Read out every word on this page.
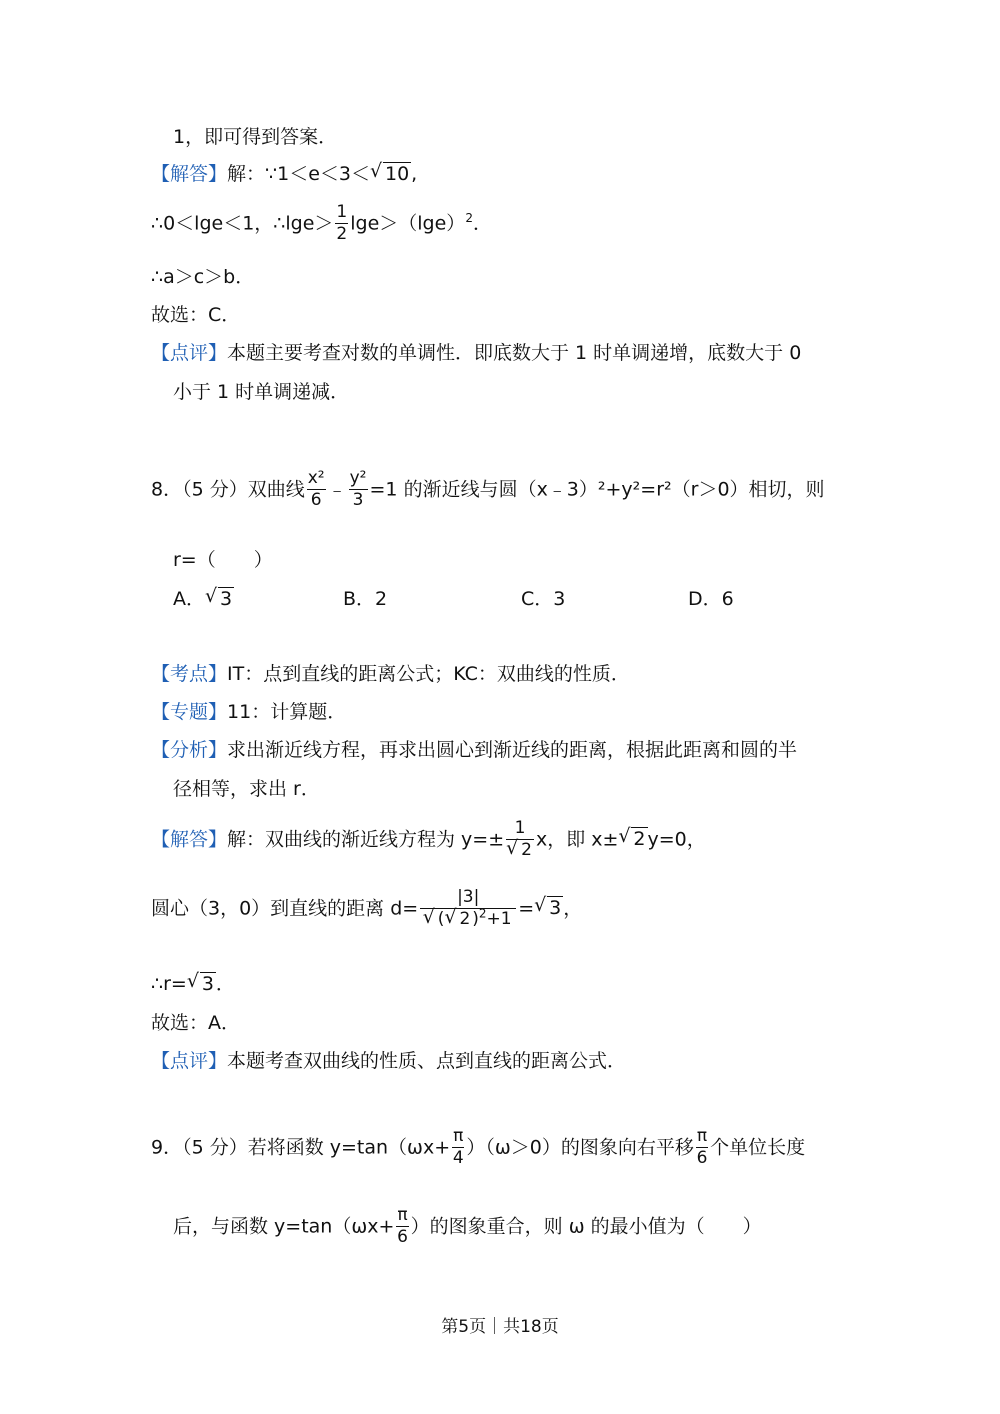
1，即可得到答案．
【解答】解：∵1＜e＜3＜ √ 10 ,
∴0＜lge＜1，∴lge＞ $\frac{1}{2} \lg e>(\lg e)^2$．
∴a＞c＞b．
故选：C．
【点评】本题主要考查对数的单调性．即底数大于 1 时单调递增，底数大于 0
小于 1 时单调递减．
8．（5 分）双曲线 $\frac{\text{x²}}{6}$ ﹣ $\frac{\text{y²}}{3} =1$ 的渐近线与圆（x﹣3）²+y²=r²（r＞0）相切，则
r=（　　）
A． √ 3	B．2	C．3	D．6
【考点】IT：点到直线的距离公式；KC：双曲线的性质．
【专题】11：计算题．
【分析】求出渐近线方程，再求出圆心到渐近线的距离，根据此距离和圆的半
径相等，求出 r．
【解答】解：双曲线的渐近线方程为 y=± 1
√ 2 x，即 x± √ 2 y=0，
圆心（3，0）到直线的距离 d= |3|
√ ( √ 2 )$^2$+1 = √ 3 ，
∴r= √ 3 ．
故选：A．
【点评】本题考查双曲线的性质、点到直线的距离公式．
9．（5 分）若将函数 $y=\tan(\omega x+ \frac{\pi}{4} )(\omega>0)$的图象向右平移 $\frac{\pi}{6}$ 个单位长度
后，与函数 $y=\tan(\omega x+ \frac{\pi}{6}$ ）的图象重合，则 ω 的最小值为（　　）
第5页｜共18页
